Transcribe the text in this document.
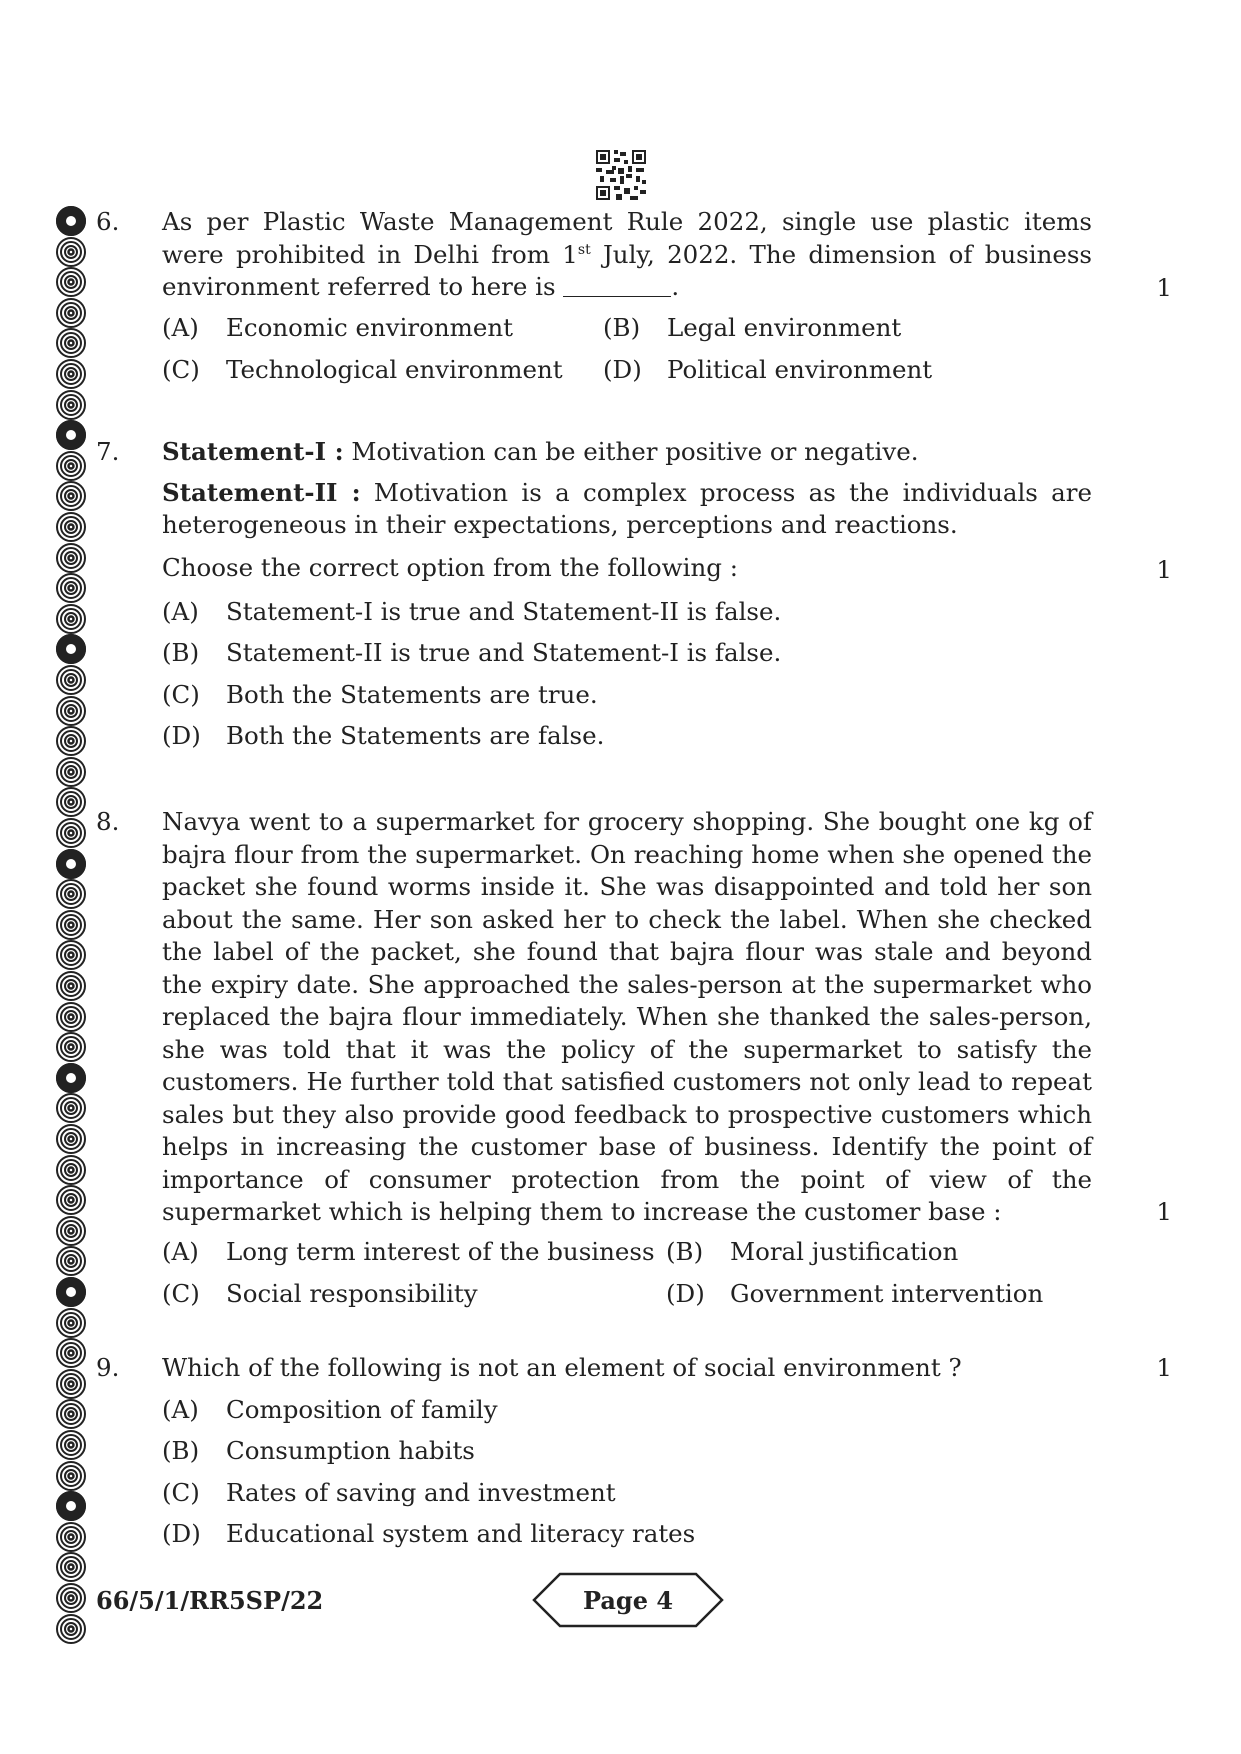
6. As per Plastic Waste Management Rule 2022, single use plastic items were prohibited in Delhi from 1st July, 2022. The dimension of business environment referred to here is	.
(A) Economic environment	(B) Legal environment
(C) Technological environment (D) Political environment
1
7. Statement-I : Motivation can be either positive or negative.
Statement-II : Motivation is a complex process as the individuals are heterogeneous in their expectations, perceptions and reactions.
Choose the correct option from the following :
(A) Statement-I is true and Statement-II is false.
(B) Statement-II is true and Statement-I is false.
(C) Both the Statements are true.
(D) Both the Statements are false.
1
8. Navya went to a supermarket for grocery shopping. She bought one kg of bajra flour from the supermarket. On reaching home when she opened the packet she found worms inside it. She was disappointed and told her son about the same. Her son asked her to check the label. When she checked the label of the packet, she found that bajra flour was stale and beyond the expiry date. She approached the sales-person at the supermarket who replaced the bajra flour immediately. When she thanked the sales-person, she was told that it was the policy of the supermarket to satisfy the customers. He further told that satisfied customers not only lead to repeat sales but they also provide good feedback to prospective customers which helps in increasing the customer base of business. Identify the point of importance of consumer protection from the point of view of the supermarket which is helping them to increase the customer base :
(A) Long term interest of the business (B) Moral justification
(C) Social responsibility	(D) Government intervention
1
9. Which of the following is not an element of social environment ?
(A) Composition of family
(B) Consumption habits
(C) Rates of saving and investment
(D) Educational system and literacy rates
1
66/5/1/RR5SP/22	Page 4
